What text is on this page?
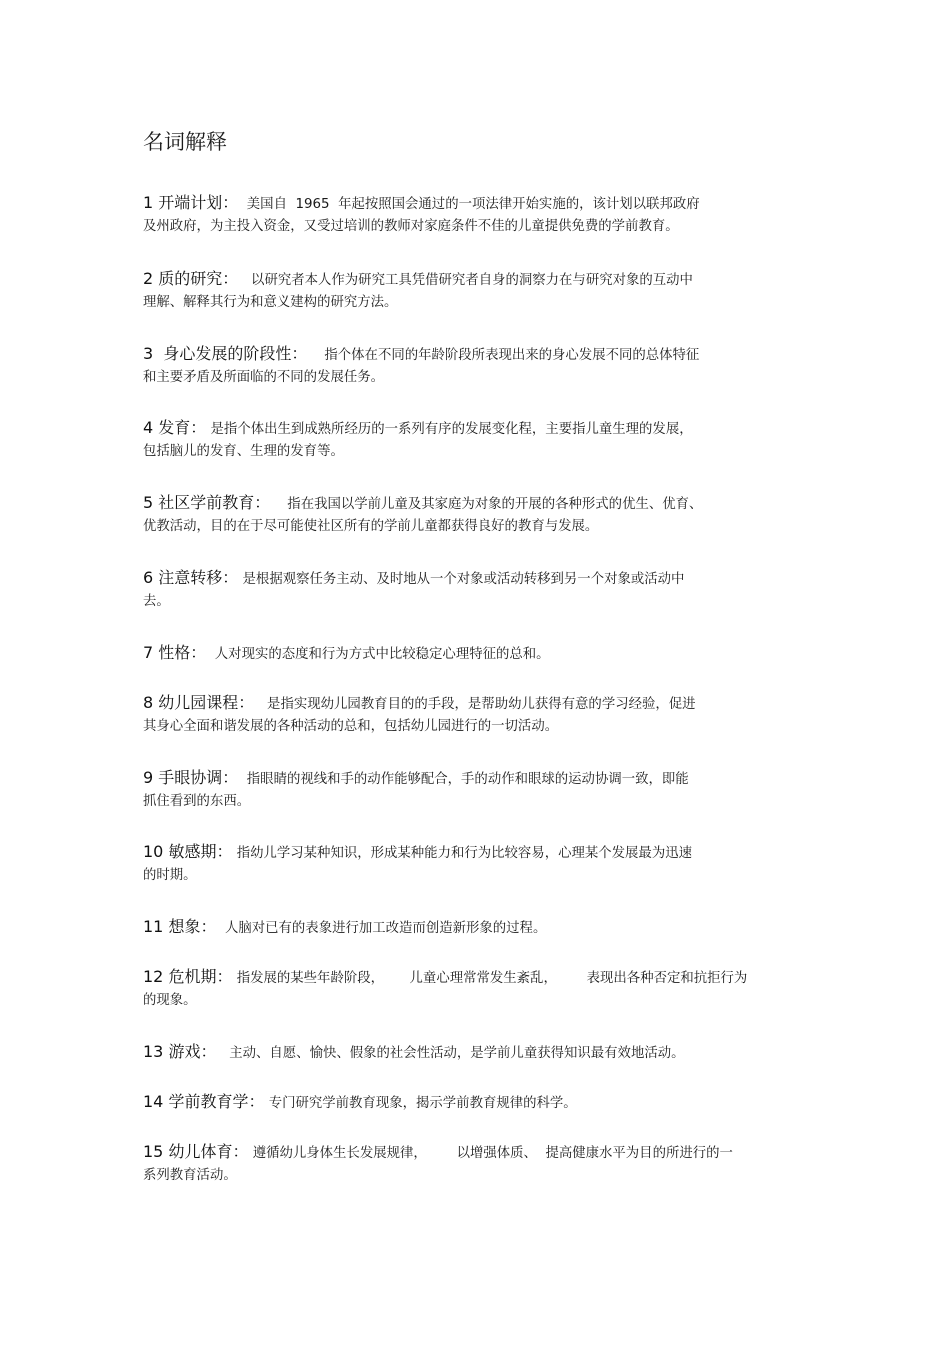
名词解释
1 开端计划：  美国自  1965  年起按照国会通过的一项法律开始实施的，该计划以联邦政府
及州政府，为主投入资金，又受过培训的教师对家庭条件不佳的儿童提供免费的学前教育。
2 质的研究：   以研究者本人作为研究工具凭借研究者自身的洞察力在与研究对象的互动中
理解、解释其行为和意义建构的研究方法。
3  身心发展的阶段性：    指个体在不同的年龄阶段所表现出来的身心发展不同的总体特征
和主要矛盾及所面临的不同的发展任务。
4 发育： 是指个体出生到成熟所经历的一系列有序的发展变化程，主要指儿童生理的发展，
包括脑儿的发育、生理的发育等。
5 社区学前教育：    指在我国以学前儿童及其家庭为对象的开展的各种形式的优生、优育、
优教活动，目的在于尽可能使社区所有的学前儿童都获得良好的教育与发展。
6 注意转移： 是根据观察任务主动、及时地从一个对象或活动转移到另一个对象或活动中
去。
7 性格：  人对现实的态度和行为方式中比较稳定心理特征的总和。
8 幼儿园课程：   是指实现幼儿园教育目的的手段，是帮助幼儿获得有意的学习经验，促进
其身心全面和谐发展的各种活动的总和，包括幼儿园进行的一切活动。
9 手眼协调：  指眼睛的视线和手的动作能够配合，手的动作和眼球的运动协调一致，即能
抓住看到的东西。
10 敏感期： 指幼儿学习某种知识，形成某种能力和行为比较容易，心理某个发展最为迅速
的时期。
11 想象：  人脑对已有的表象进行加工改造而创造新形象的过程。
12 危机期： 指发展的某些年龄阶段，      儿童心理常常发生紊乱，       表现出各种否定和抗拒行为
的现象。
13 游戏：   主动、自愿、愉快、假象的社会性活动，是学前儿童获得知识最有效地活动。
14 学前教育学： 专门研究学前教育现象，揭示学前教育规律的科学。
15 幼儿体育： 遵循幼儿身体生长发展规律，       以增强体质、  提高健康水平为目的所进行的一
系列教育活动。
